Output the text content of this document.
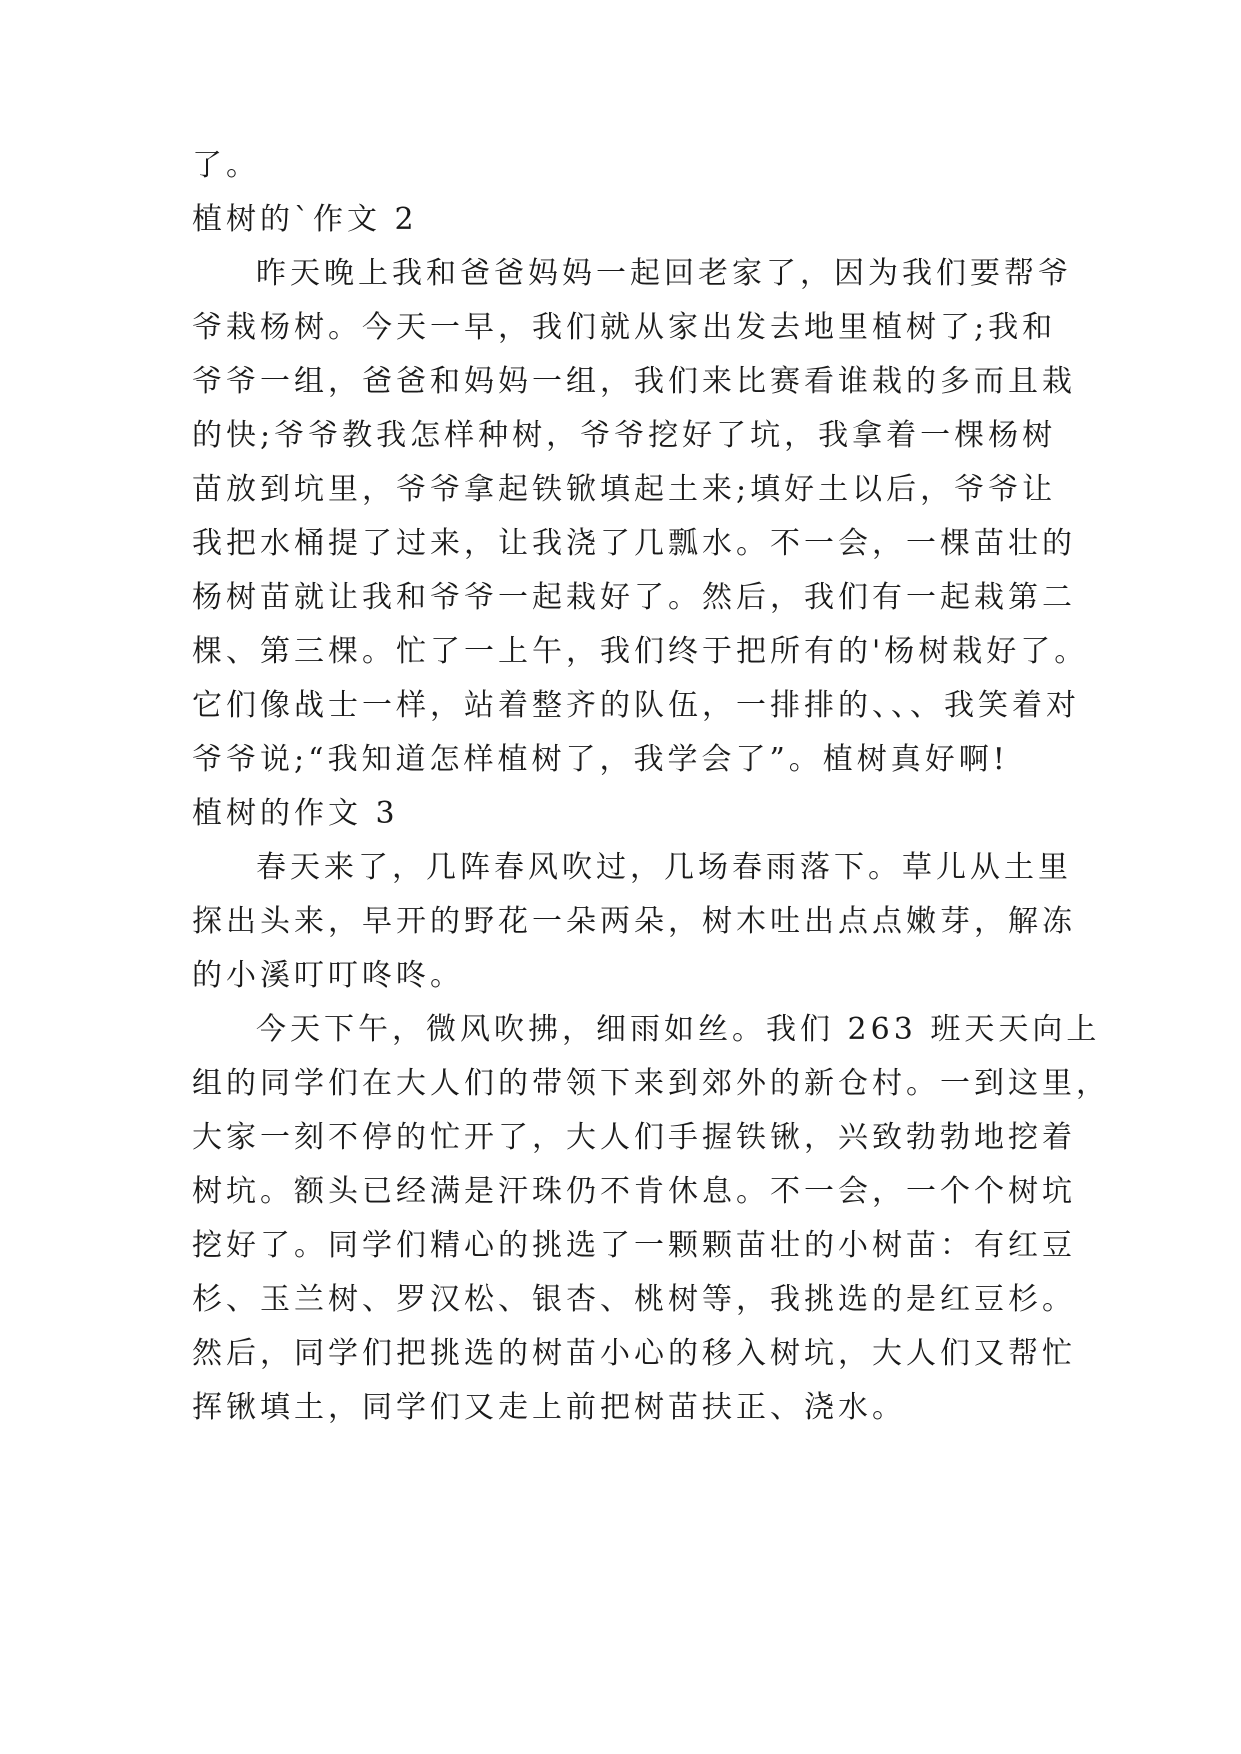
了。
植树的`作文 2
昨天晚上我和爸爸妈妈一起回老家了，因为我们要帮爷
爷栽杨树。今天一早，我们就从家出发去地里植树了;我和
爷爷一组，爸爸和妈妈一组，我们来比赛看谁栽的多而且栽
的快;爷爷教我怎样种树，爷爷挖好了坑，我拿着一棵杨树
苗放到坑里，爷爷拿起铁锨填起土来;填好土以后，爷爷让
我把水桶提了过来，让我浇了几瓢水。不一会，一棵苗壮的
杨树苗就让我和爷爷一起栽好了。然后，我们有一起栽第二
棵、第三棵。忙了一上午，我们终于把所有的'杨树栽好了。
它们像战士一样，站着整齐的队伍，一排排的、、、我笑着对
爷爷说;“我知道怎样植树了，我学会了”。植树真好啊!
植树的作文 3
春天来了，几阵春风吹过，几场春雨落下。草儿从土里
探出头来，早开的野花一朵两朵，树木吐出点点嫩芽，解冻
的小溪叮叮咚咚。
今天下午，微风吹拂，细雨如丝。我们 263 班天天向上
组的同学们在大人们的带领下来到郊外的新仓村。一到这里，
大家一刻不停的忙开了，大人们手握铁锹，兴致勃勃地挖着
树坑。额头已经满是汗珠仍不肯休息。不一会，一个个树坑
挖好了。同学们精心的挑选了一颗颗苗壮的小树苗：有红豆
杉、玉兰树、罗汉松、银杏、桃树等，我挑选的是红豆杉。
然后，同学们把挑选的树苗小心的移入树坑，大人们又帮忙
挥锹填土，同学们又走上前把树苗扶正、浇水。
